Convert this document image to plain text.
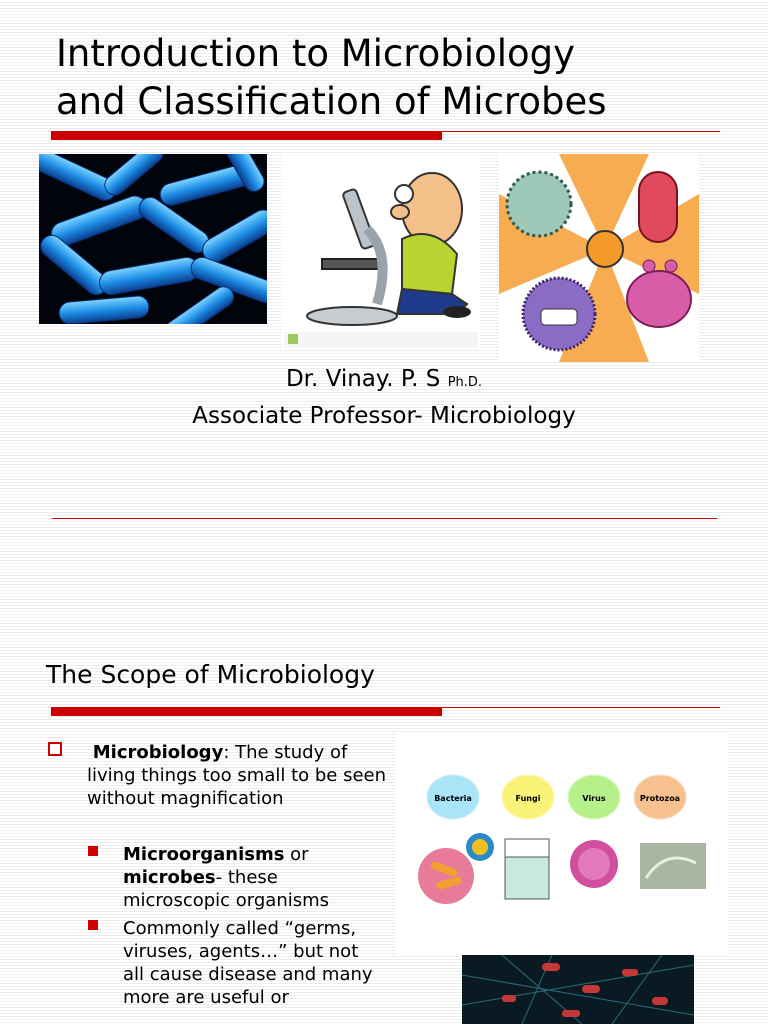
Introduction to Microbiology
and Classification of Microbes
Dr. Vinay. P. S Ph.D.
Associate Professor- Microbiology
The Scope of Microbiology
Microbiology: The study of living things too small to be seen without magnification
Microorganisms or microbes- these microscopic organisms
Commonly called “germs, viruses, agents…” but not all cause disease and many more are useful or
Bacteria	Fungi	Virus	Protozoa
